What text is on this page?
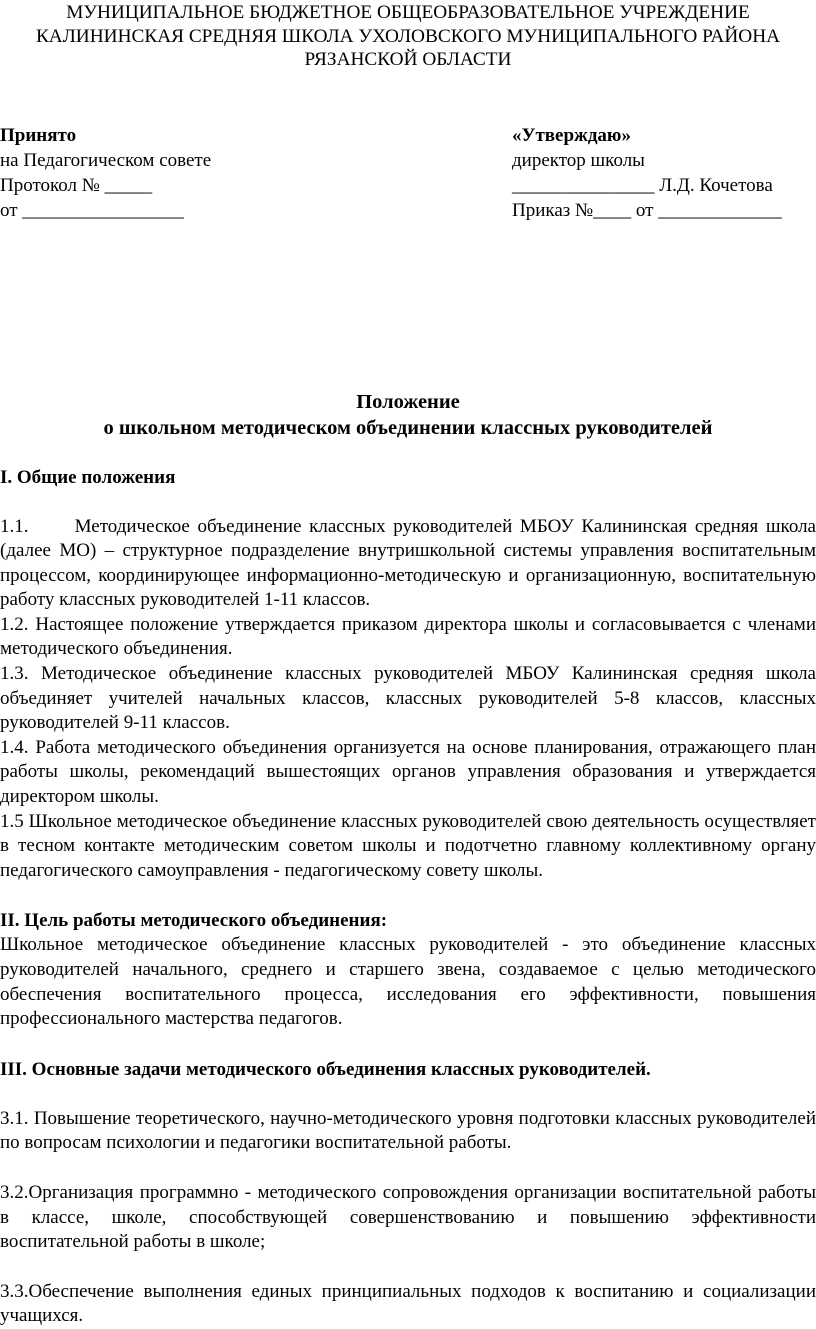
МУНИЦИПАЛЬНОЕ БЮДЖЕТНОЕ ОБЩЕОБРАЗОВАТЕЛЬНОЕ УЧРЕЖДЕНИЕ
КАЛИНИНСКАЯ СРЕДНЯЯ ШКОЛА УХОЛОВСКОГО МУНИЦИПАЛЬНОГО РАЙОНА
РЯЗАНСКОЙ ОБЛАСТИ
Принято
на Педагогическом совете
Протокол № _____
от _________________
«Утверждаю»
директор школы
_______________ Л.Д. Кочетова
Приказ №____ от _____________
Положение
о школьном методическом объединении классных руководителей
I. Общие положения

1.1.      Методическое объединение классных руководителей МБОУ Калининская средняя школа (далее МО) – структурное подразделение внутришкольной системы управления воспитательным процессом, координирующее информационно-методическую и организационную, воспитательную работу классных руководителей 1-11 классов.

1.2. Настоящее положение утверждается приказом директора школы и согласовывается с членами методического объединения.

1.3. Методическое объединение классных руководителей МБОУ Калининская средняя школа объединяет учителей начальных классов, классных руководителей 5-8 классов, классных руководителей 9-11 классов.

1.4. Работа методического объединения организуется на основе планирования, отражающего план работы школы, рекомендаций вышестоящих органов управления образования и утверждается директором школы.

1.5 Школьное методическое объединение классных руководителей свою деятельность осуществляет в тесном контакте методическим советом школы и подотчетно главному коллективному органу педагогического самоуправления - педагогическому совету школы.

II. Цель работы методического объединения:

Школьное методическое объединение классных руководителей - это объединение классных руководителей начального, среднего и старшего звена, создаваемое с целью методического обеспечения воспитательного процесса, исследования его эффективности, повышения профессионального мастерства педагогов.

III. Основные задачи методического объединения классных руководителей.

3.1. Повышение теоретического, научно-методического уровня подготовки классных руководителей по вопросам психологии и педагогики воспитательной работы.

3.2.Организация программно - методического сопровождения организации воспитательной работы в классе, школе, способствующей совершенствованию и повышению эффективности воспитательной работы в школе;

3.3.Обеспечение выполнения единых принципиальных подходов к воспитанию и социализации учащихся.
